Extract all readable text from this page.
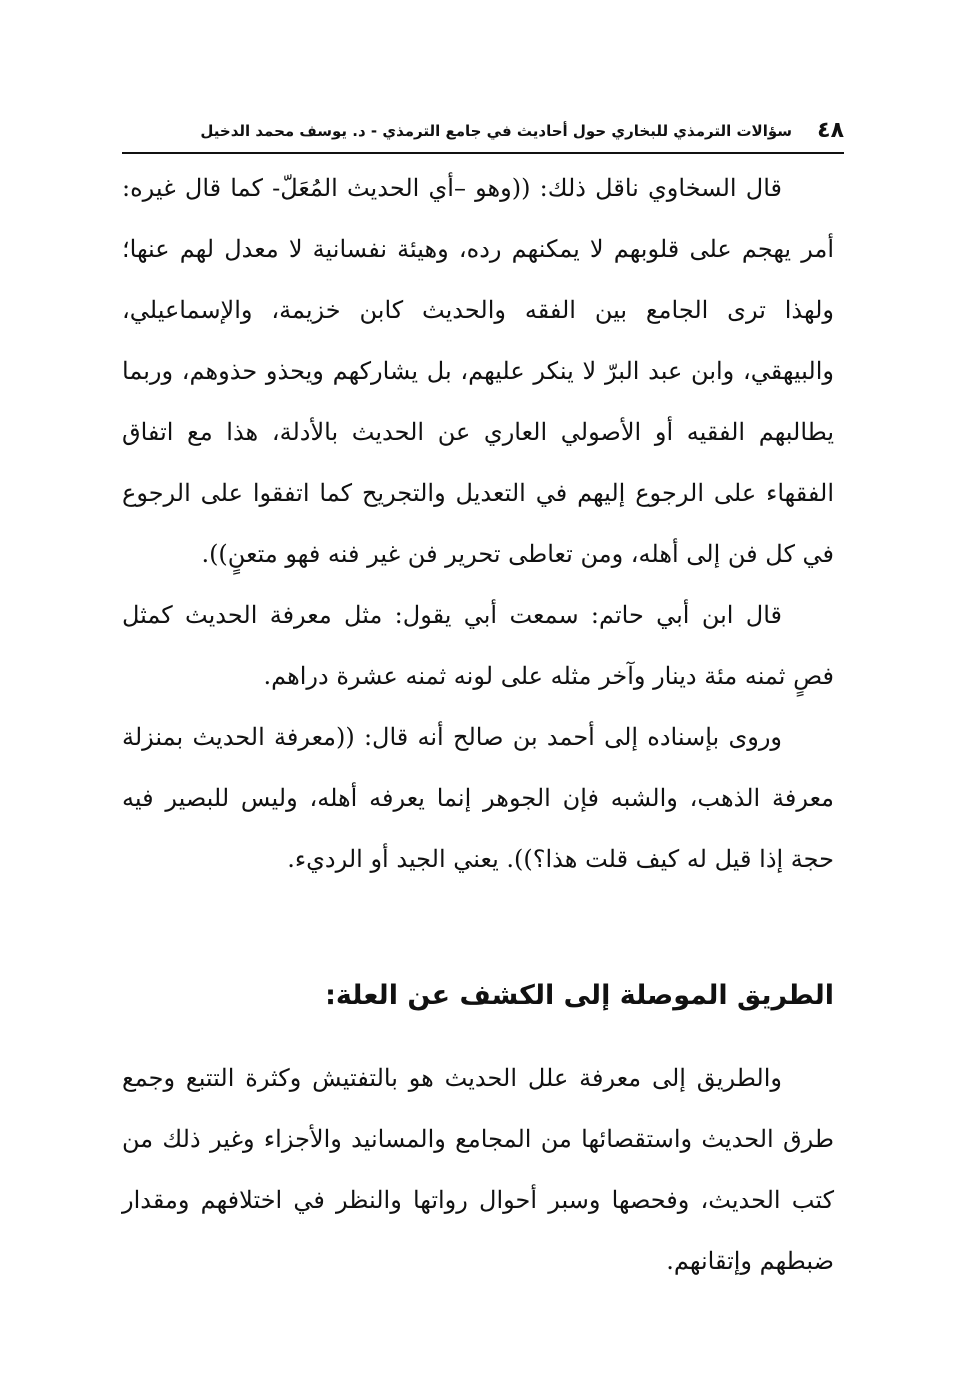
٤٨
سؤالات الترمذي للبخاري حول أحاديث في جامع الترمذي - د. يوسف محمد الدخيل

قال السخاوي ناقل ذلك: ((وهو –أي الحديث المُعَلّ- كما قال غيره: أمر يهجم على قلوبهم لا يمكنهم رده، وهيئة نفسانية لا معدل لهم عنها؛ ولهذا ترى الجامع بين الفقه والحديث كابن خزيمة، والإسماعيلي، والبيهقي، وابن عبد البرّ لا ينكر عليهم، بل يشاركهم ويحذو حذوهم، وربما يطالبهم الفقيه أو الأصولي العاري عن الحديث بالأدلة، هذا مع اتفاق الفقهاء على الرجوع إليهم في التعديل والتجريح كما اتفقوا على الرجوع في كل فن إلى أهله، ومن تعاطى تحرير فن غير فنه فهو متعنٍ)).

قال ابن أبي حاتم: سمعت أبي يقول: مثل معرفة الحديث كمثل فصٍ ثمنه مئة دينار وآخر مثله على لونه ثمنه عشرة دراهم.

وروى بإسناده إلى أحمد بن صالح أنه قال: ((معرفة الحديث بمنزلة معرفة الذهب، والشبه فإن الجوهر إنما يعرفه أهله، وليس للبصير فيه حجة إذا قيل له كيف قلت هذا؟)). يعني الجيد أو الرديء.

الطريق الموصلة إلى الكشف عن العلة:

والطريق إلى معرفة علل الحديث هو بالتفتيش وكثرة التتبع وجمع طرق الحديث واستقصائها من المجامع والمسانيد والأجزاء وغير ذلك من كتب الحديث، وفحصها وسبر أحوال رواتها والنظر في اختلافهم ومقدار ضبطهم وإتقانهم.
